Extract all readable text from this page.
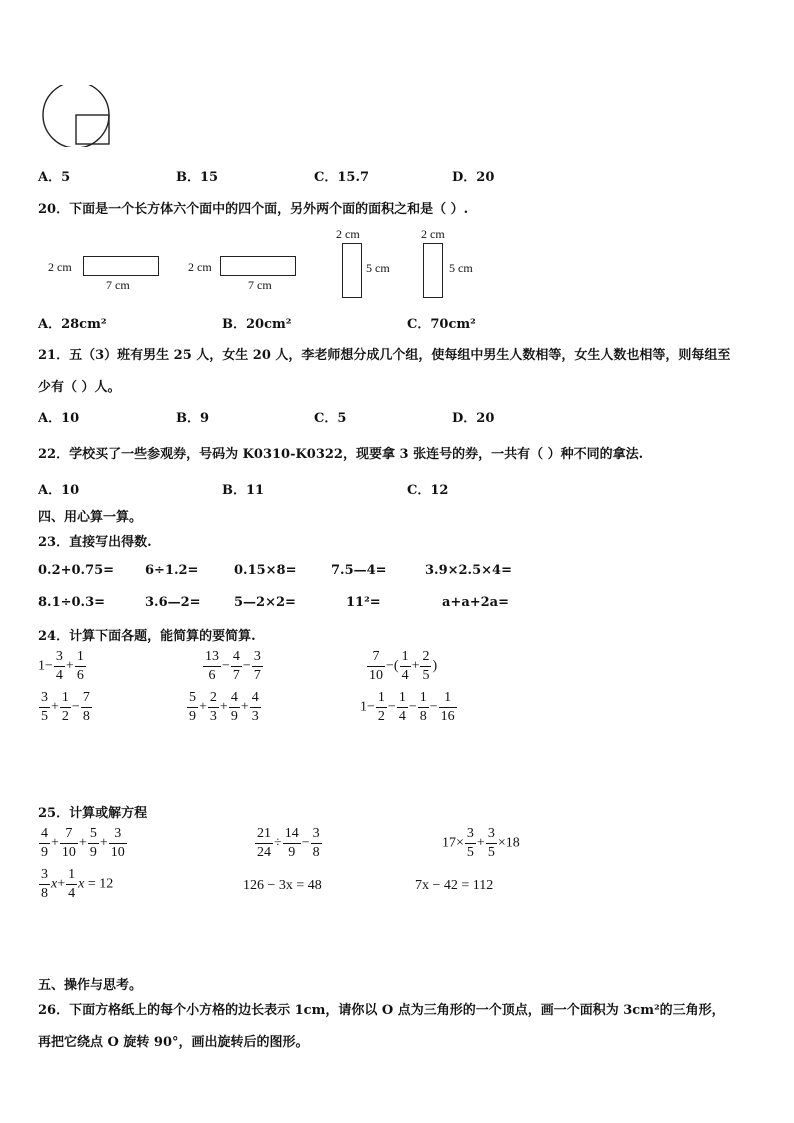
A．5	B．15	C．15.7	D．20
20．下面是一个长方体六个面中的四个面，另外两个面的面积之和是（ ）.
2 cm
7 cm
2 cm
7 cm
2 cm
5 cm
2 cm
5 cm
A．28cm²	B．20cm²	C．70cm²
21．五（3）班有男生 25 人，女生 20 人，李老师想分成几个组，使每组中男生人数相等，女生人数也相等，则每组至
少有（ ）人。
A．10	B．9	C．5	D．20
22．学校买了一些参观券，号码为 K0310-K0322，现要拿 3 张连号的券，一共有（ ）种不同的拿法.
A．10	B．11	C．12
四、用心算一算。
23．直接写出得数.
0.2+0.75= 6÷1.2=	0.15×8=	7.5—4=	3.9×2.5×4=
8.1÷0.3=	3.6—2=	5—2×2=	11²=	a+a+2a=
24．计算下面各题，能简算的要简算.
$1- \frac{3}{4} + \frac{1}{6}$	$\frac{13}{6} - \frac{4}{7} - \frac{3}{7}$	$\frac{7}{10}$ −( $\frac{1}{4} + \frac{2}{5}$ )
$\frac{3}{5} + \frac{1}{2} - \frac{7}{8}$	$\frac{5}{9} + \frac{2}{3} + \frac{4}{9} + \frac{4}{3}$	$1- \frac{1}{2} - \frac{1}{4} - \frac{1}{8} - \frac{1}{16}$
25．计算或解方程
$\frac{4}{9} + \frac{7}{10} + \frac{5}{9} + \frac{3}{10}$	$\frac{21}{24} \div \frac{14}{9} - \frac{3}{8}$	$17\times \frac{3}{5} + \frac{3}{5} \times 18$
$\frac{3}{8} x+ \frac{1}{4}$ x = 12	126 − 3x = 48	7x − 42 = 112
五、操作与思考。
26．下面方格纸上的每个小方格的边长表示 1cm，请你以 O 点为三角形的一个顶点，画一个面积为 3cm²的三角形，
再把它绕点 O 旋转 90°，画出旋转后的图形。
